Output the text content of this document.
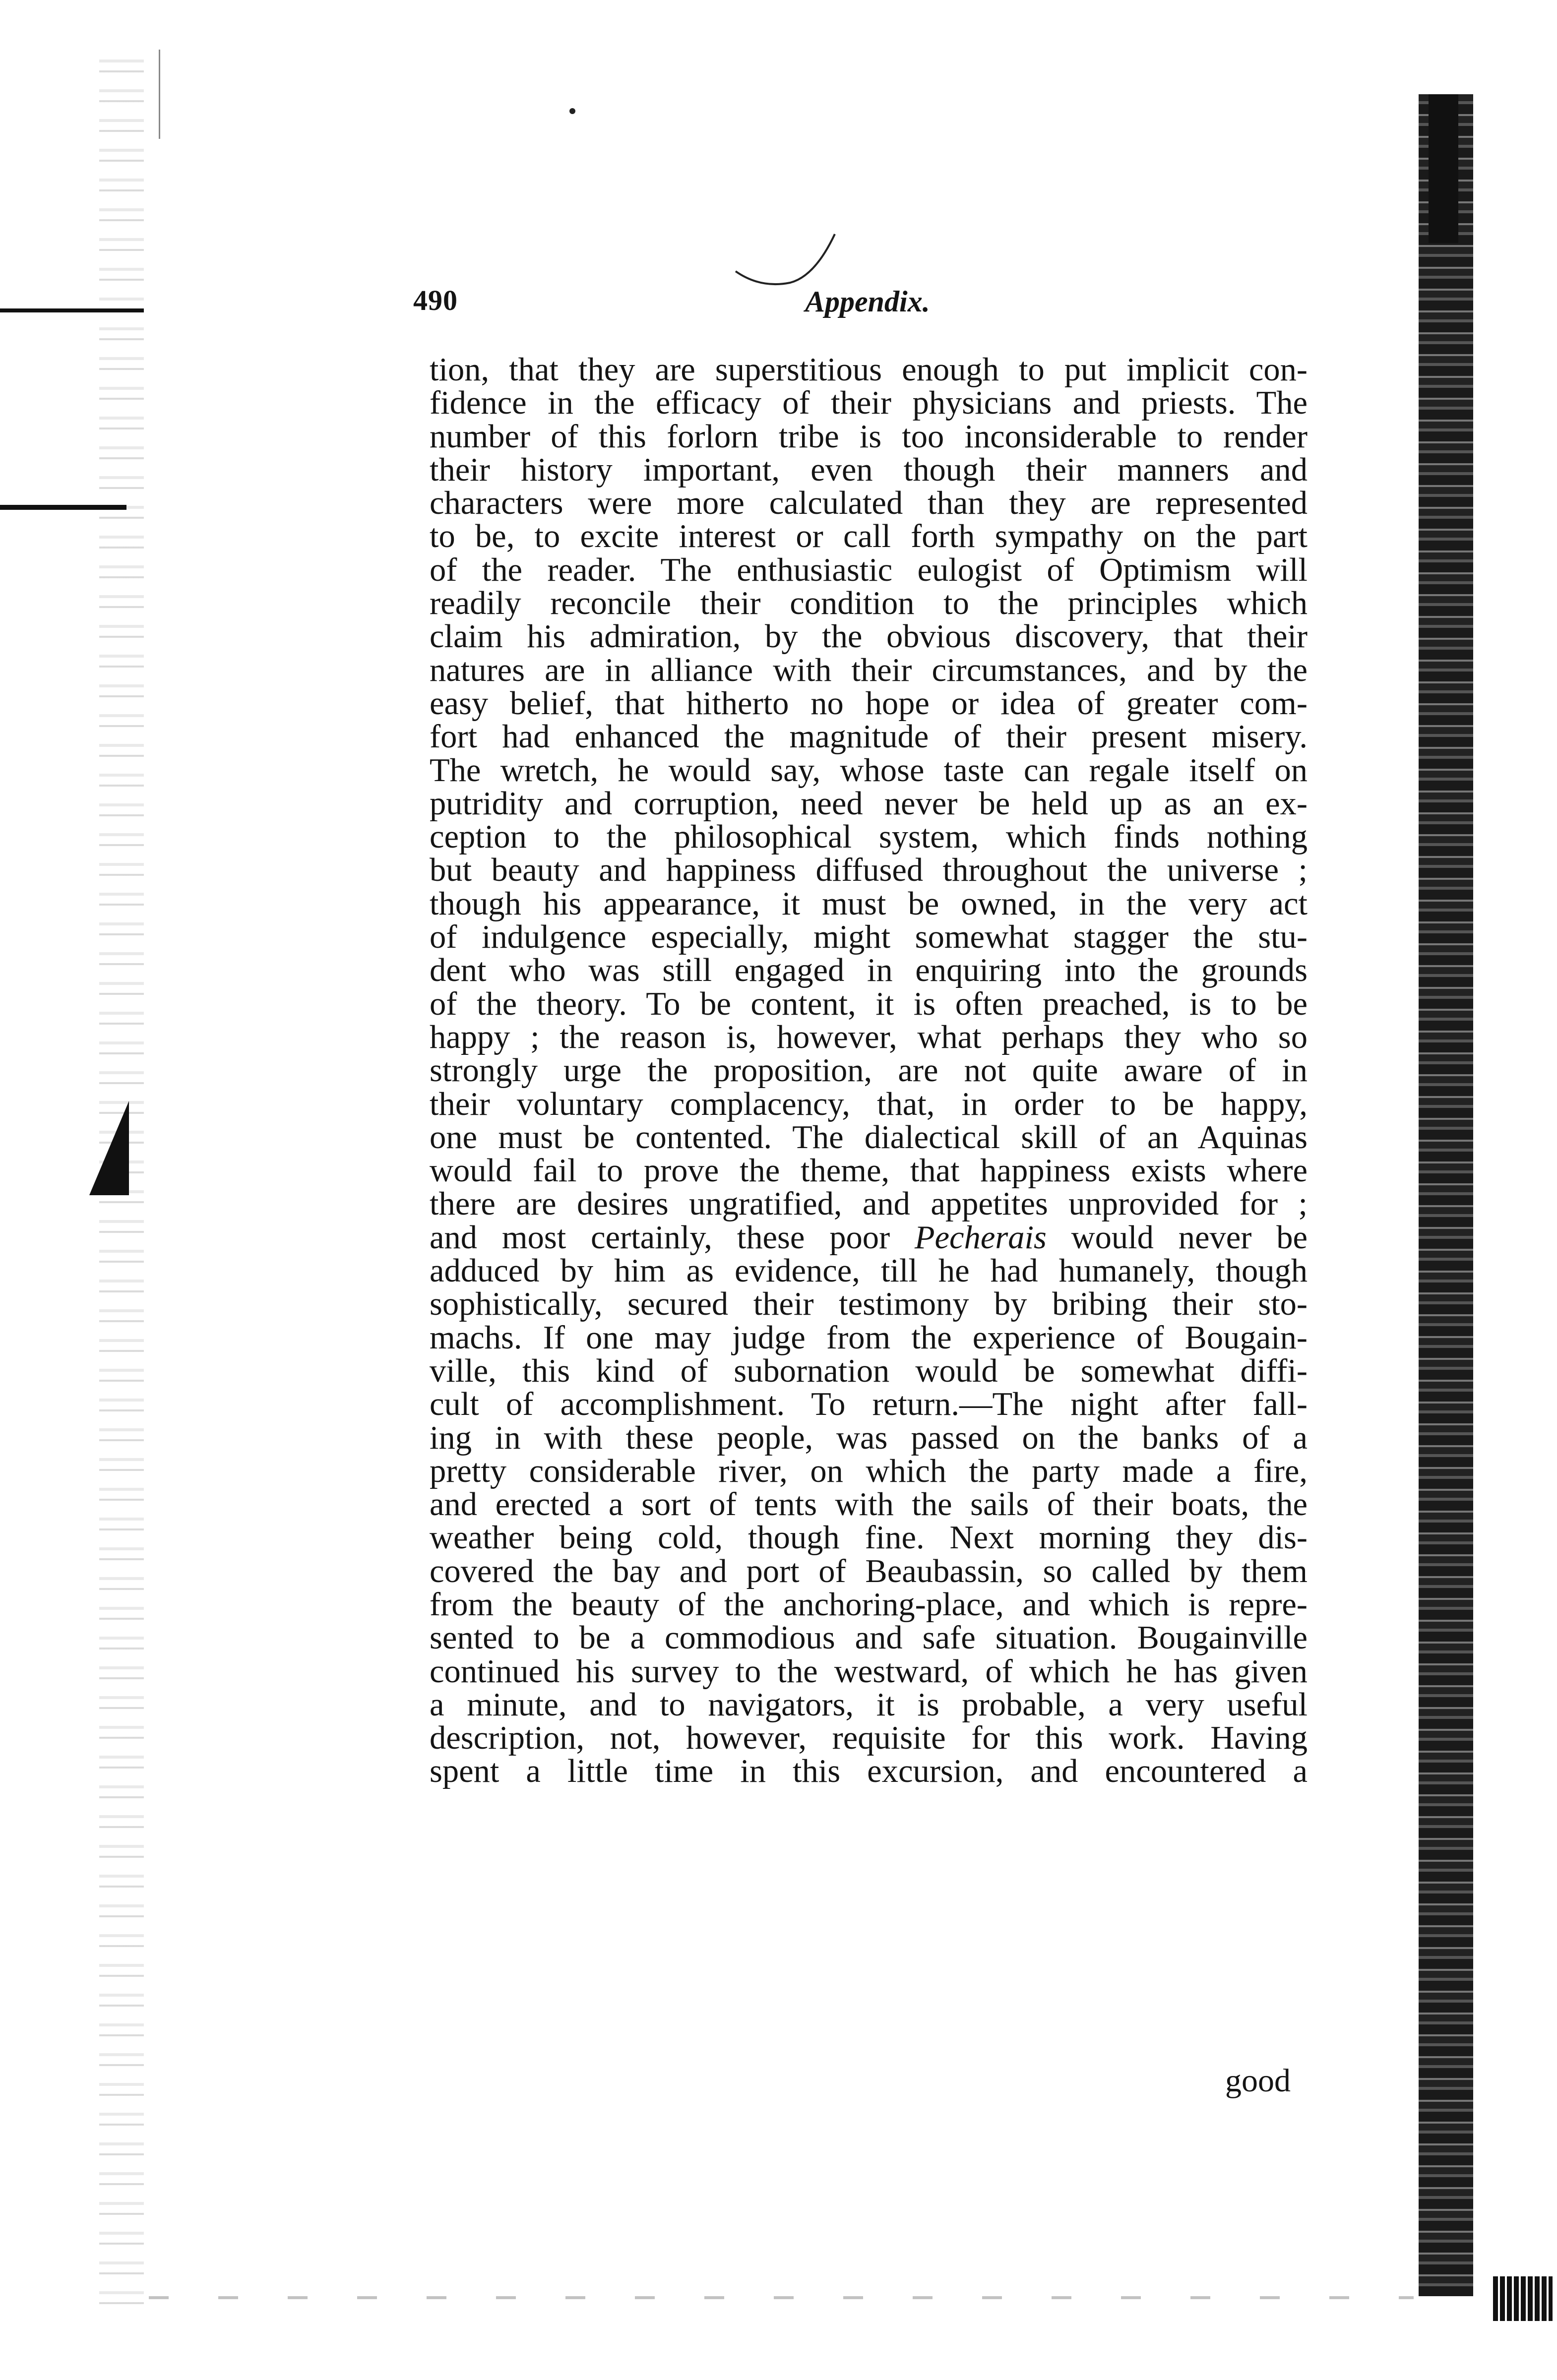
490	Appendix.
tion, that they are superstitious enough to put implicit con-
fidence in the efficacy of their physicians and priests. The
number of this forlorn tribe is too inconsiderable to render
their history important, even though their manners and
characters were more calculated than they are represented
to be, to excite interest or call forth sympathy on the part
of the reader. The enthusiastic eulogist of Optimism will
readily reconcile their condition to the principles which
claim his admiration, by the obvious discovery, that their
natures are in alliance with their circumstances, and by the
easy belief, that hitherto no hope or idea of greater com-
fort had enhanced the magnitude of their present misery.
The wretch, he would say, whose taste can regale itself on
putridity and corruption, need never be held up as an ex-
ception to the philosophical system, which finds nothing
but beauty and happiness diffused throughout the universe ;
though his appearance, it must be owned, in the very act
of indulgence especially, might somewhat stagger the stu-
dent who was still engaged in enquiring into the grounds
of the theory. To be content, it is often preached, is to be
happy ; the reason is, however, what perhaps they who so
strongly urge the proposition, are not quite aware of in
their voluntary complacency, that, in order to be happy,
one must be contented. The dialectical skill of an Aquinas
would fail to prove the theme, that happiness exists where
there are desires ungratified, and appetites unprovided for ;
and most certainly, these poor Pecherais would never be
adduced by him as evidence, till he had humanely, though
sophistically, secured their testimony by bribing their sto-
machs. If one may judge from the experience of Bougain-
ville, this kind of subornation would be somewhat diffi-
cult of accomplishment. To return.—The night after fall-
ing in with these people, was passed on the banks of a
pretty considerable river, on which the party made a fire,
and erected a sort of tents with the sails of their boats, the
weather being cold, though fine. Next morning they dis-
covered the bay and port of Beaubassin, so called by them
from the beauty of the anchoring-place, and which is repre-
sented to be a commodious and safe situation. Bougainville
continued his survey to the westward, of which he has given
a minute, and to navigators, it is probable, a very useful
description, not, however, requisite for this work. Having
spent a little time in this excursion, and encountered a
good
